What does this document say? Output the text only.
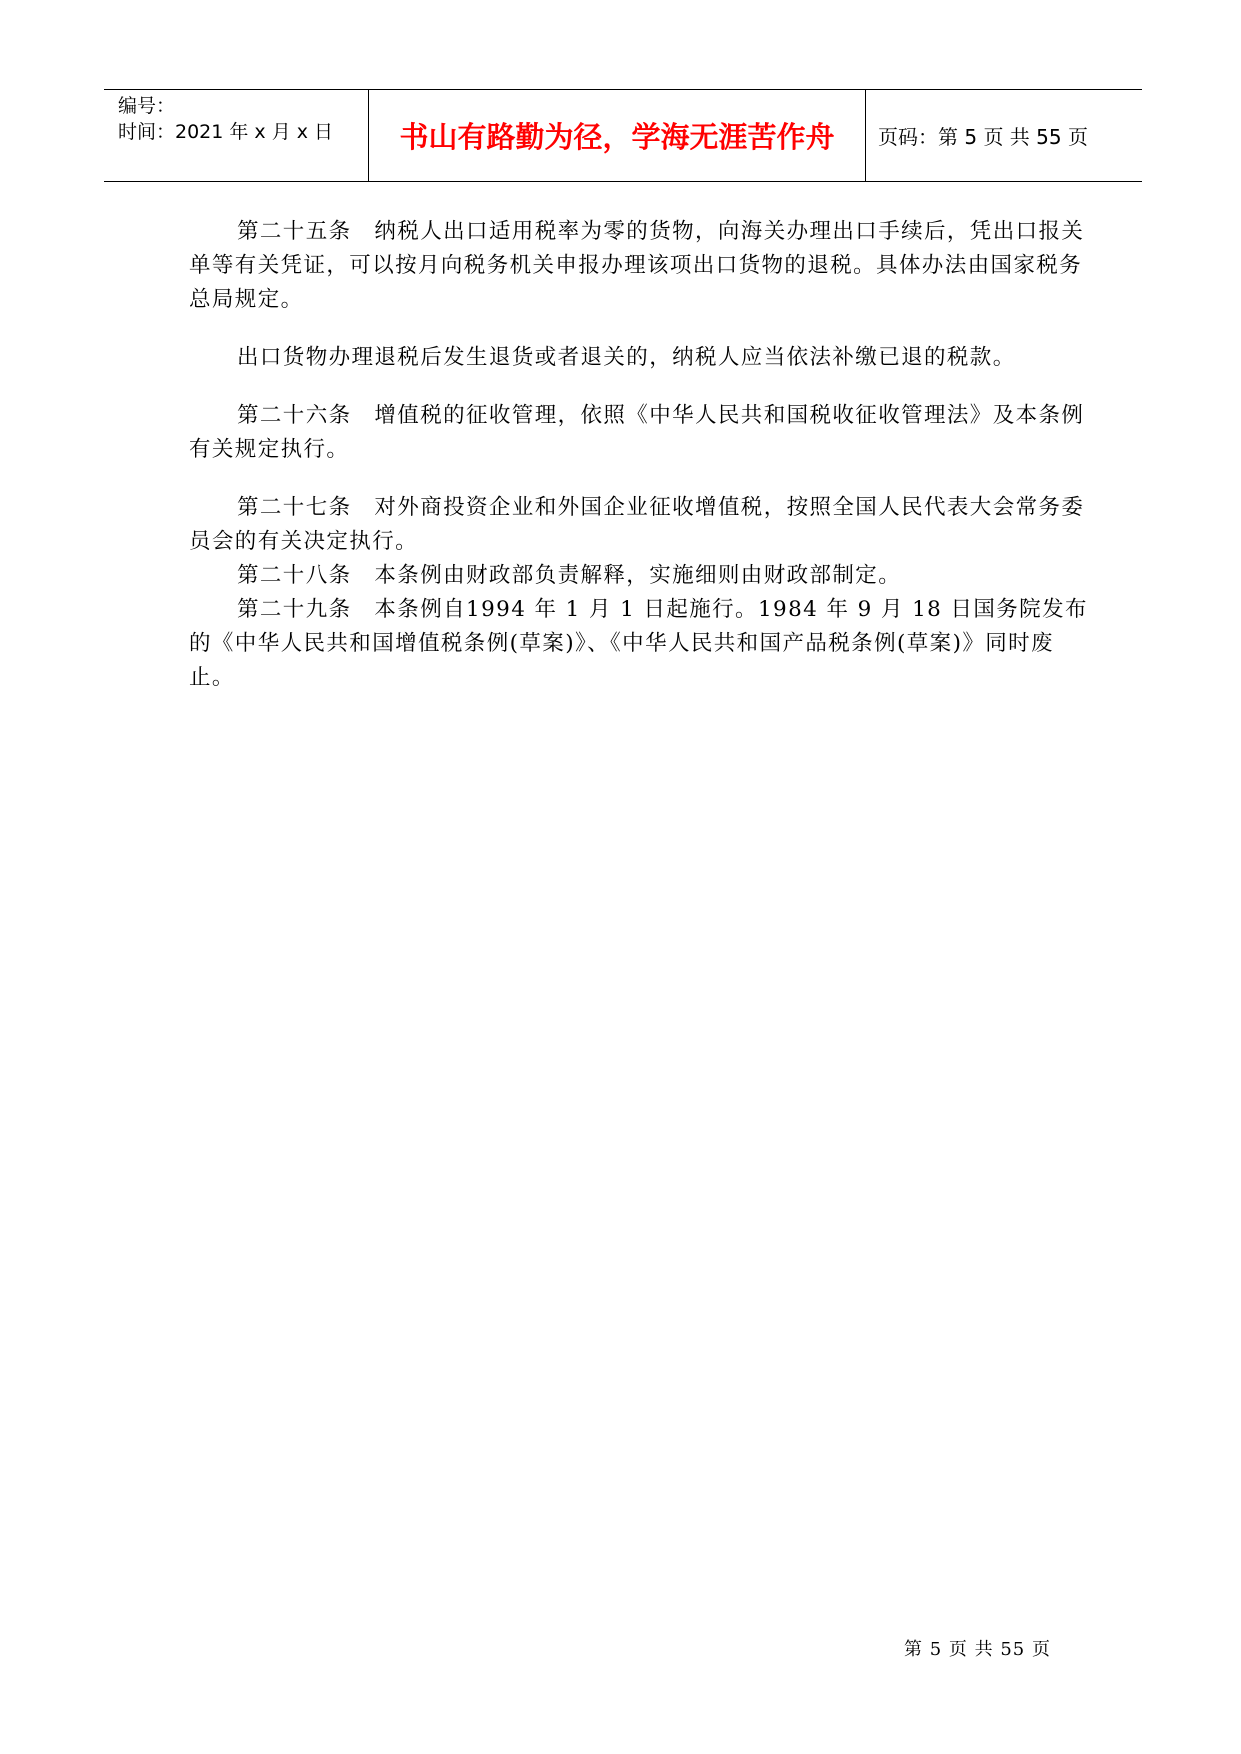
编号：
时间：2021 年 x 月 x 日	书山有路勤为径，学海无涯苦作舟	页码：第 5 页 共 55 页

第二十五条　纳税人出口适用税率为零的货物，向海关办理出口手续后，凭出口报关单等有关凭证，可以按月向税务机关申报办理该项出口货物的退税。具体办法由国家税务总局规定。

出口货物办理退税后发生退货或者退关的，纳税人应当依法补缴已退的税款。

第二十六条　增值税的征收管理，依照《中华人民共和国税收征收管理法》及本条例有关规定执行。

第二十七条　对外商投资企业和外国企业征收增值税，按照全国人民代表大会常务委员会的有关决定执行。

第二十八条　本条例由财政部负责解释，实施细则由财政部制定。

第二十九条　本条例自1994 年 1 月 1 日起施行。1984 年 9 月 18 日国务院发布的《中华人民共和国增值税条例(草案)》、《中华人民共和国产品税条例(草案)》同时废止。

第 5 页 共 55 页
